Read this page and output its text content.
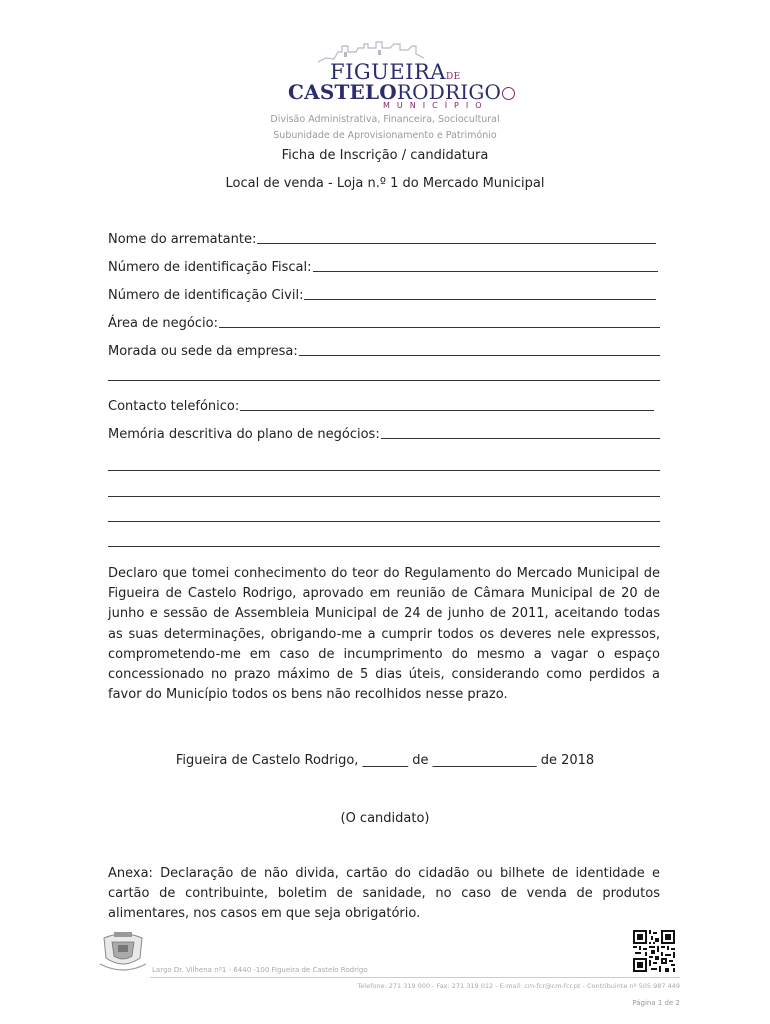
FIGUEIRADE
CASTELORODRIGO
MUNICÍPIO
Divisão Administrativa, Financeira, Sociocultural
Subunidade de Aprovisionamento e Património
Ficha de Inscrição / candidatura
Local de venda - Loja n.º 1 do Mercado Municipal
Nome do arrematante:
Número de identificação Fiscal:
Número de identificação Civil:
Área de negócio:
Morada ou sede da empresa:
Contacto telefónico:
Memória descritiva do plano de negócios:
Declaro que tomei conhecimento do teor do Regulamento do Mercado Municipal de Figueira de Castelo Rodrigo, aprovado em reunião de Câmara Municipal de 20 de junho e sessão de Assembleia Municipal de 24 de junho de 2011, aceitando todas as suas determinações, obrigando-me a cumprir todos os deveres nele expressos, comprometendo-me em caso de incumprimento do mesmo a vagar o espaço concessionado no prazo máximo de 5 dias úteis, considerando como perdidos a favor do Município todos os bens não recolhidos nesse prazo.
Figueira de Castelo Rodrigo, _______ de ________________ de 2018
(O candidato)
Anexa: Declaração de não divida, cartão do cidadão ou bilhete de identidade e cartão de contribuinte, boletim de sanidade, no caso de venda de produtos alimentares, nos casos em que seja obrigatório.
Largo Dr. Vilhena nº1 - 6440 -100 Figueira de Castelo Rodrigo
Telefone: 271 319 000 - Fax: 271 319 012 - E-mail: cm-fcr@cm-fcr.pt - Contribuinte nº 505 987 449
Página 1 de 2
